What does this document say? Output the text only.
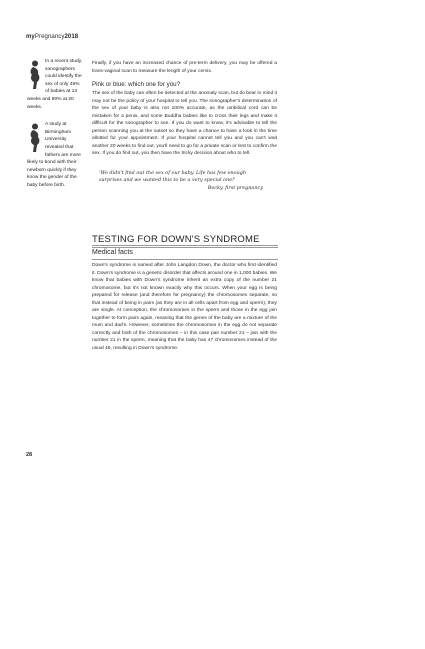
myPregnancy2018
In a recent study, sonographers could identify the sex of only 46% of babies at 13 weeks and 80% at 20 weeks.
A study at Birmingham University revealed that fathers are more likely to bond with their newborn quickly if they know the gender of the baby before birth.

Finally, if you have an increased chance of pre-term delivery, you may be offered a trans-vaginal scan to measure the length of your cervix.

Pink or blue: which one for you?

The sex of the baby can often be detected at the anomaly scan, but do bear in mind it may not be the policy of your hospital to tell you. The sonographer's determination of the sex of your baby is also not 100% accurate, as the umbilical cord can be mistaken for a penis, and some Buddha babies like to cross their legs and make it difficult for the sonographer to see. If you do want to know, it's advisable to tell the person scanning you at the outset so they have a chance to have a look in the time allotted for your appointment. If your hospital cannot tell you and you can't wait another 20 weeks to find out, you'll need to go for a private scan or test to confirm the sex. If you do find out, you then have the tricky decision about who to tell.

'We didn't find out the sex of our baby. Life has few enough surprises and we wanted this to be a very special one!'
Becky, first pregnancy
TESTING FOR DOWN'S SYNDROME
Medical facts

Down's syndrome is named after John Langdon Down, the doctor who first identified it. Down's syndrome is a genetic disorder that affects around one in 1,000 babies. We know that babies with Down's syndrome inherit an extra copy of the number 21 chromosome, but it's not known exactly why this occurs. When your egg is being prepared for release (and therefore for pregnancy) the chromosomes separate, so that instead of being in pairs (as they are in all cells apart from egg and sperm), they are single. At conception, the chromosomes in the sperm and those in the egg join together to form pairs again, meaning that the genes of the baby are a mixture of the mum and dad's. However, sometimes the chromosomes in the egg do not separate correctly and both of the chromosomes – in this case pair number 21 – join with the number 21 in the sperm, meaning that the baby has 47 chromosomes instead of the usual 46, resulting in Down's syndrome.

28
